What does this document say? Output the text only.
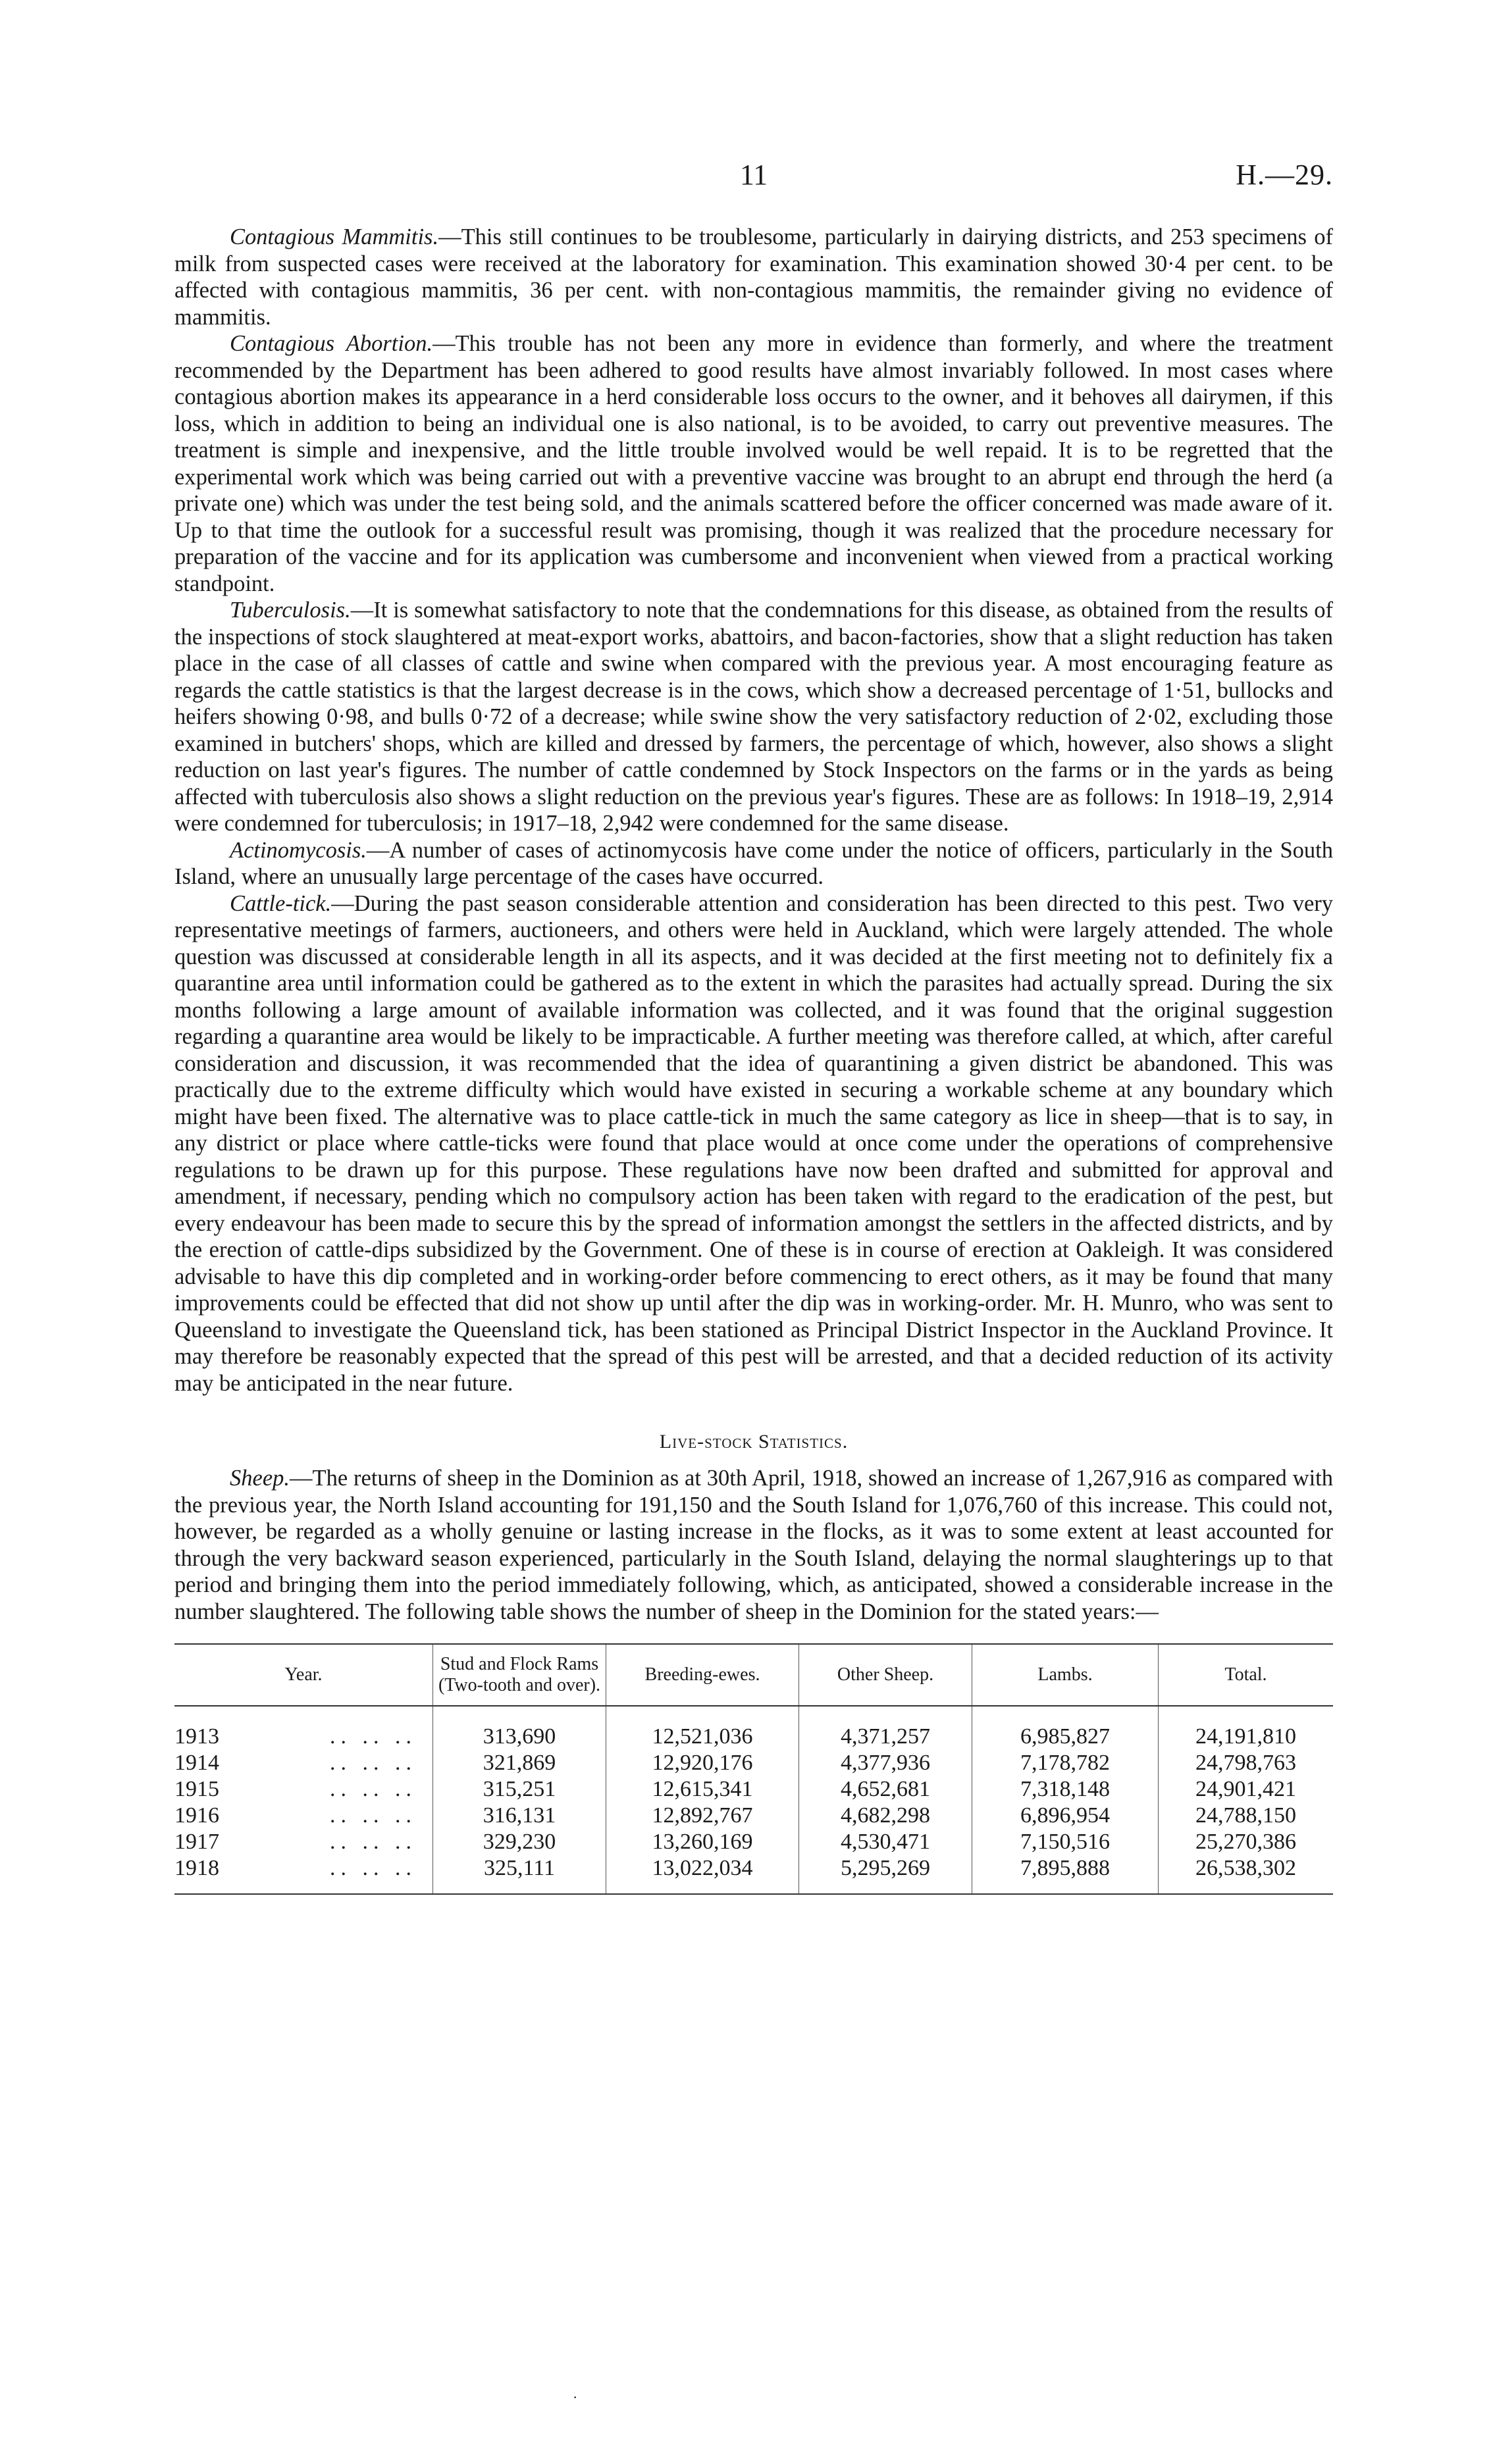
11	H.—29.

Contagious Mammitis.—This still continues to be troublesome, particularly in dairying districts, and 253 specimens of milk from suspected cases were received at the laboratory for examination. This examination showed 30·4 per cent. to be affected with contagious mammitis, 36 per cent. with non-contagious mammitis, the remainder giving no evidence of mammitis.

Contagious Abortion.—This trouble has not been any more in evidence than formerly, and where the treatment recommended by the Department has been adhered to good results have almost invariably followed. In most cases where contagious abortion makes its appearance in a herd considerable loss occurs to the owner, and it behoves all dairymen, if this loss, which in addition to being an individual one is also national, is to be avoided, to carry out preventive measures. The treatment is simple and inexpensive, and the little trouble involved would be well repaid. It is to be regretted that the experimental work which was being carried out with a preventive vaccine was brought to an abrupt end through the herd (a private one) which was under the test being sold, and the animals scattered before the officer concerned was made aware of it. Up to that time the outlook for a successful result was promising, though it was realized that the procedure necessary for preparation of the vaccine and for its application was cumbersome and inconvenient when viewed from a practical working standpoint.

Tuberculosis.—It is somewhat satisfactory to note that the condemnations for this disease, as obtained from the results of the inspections of stock slaughtered at meat-export works, abattoirs, and bacon-factories, show that a slight reduction has taken place in the case of all classes of cattle and swine when compared with the previous year. A most encouraging feature as regards the cattle statistics is that the largest decrease is in the cows, which show a decreased percentage of 1·51, bullocks and heifers showing 0·98, and bulls 0·72 of a decrease; while swine show the very satisfactory reduction of 2·02, excluding those examined in butchers' shops, which are killed and dressed by farmers, the percentage of which, however, also shows a slight reduction on last year's figures. The number of cattle condemned by Stock Inspectors on the farms or in the yards as being affected with tuberculosis also shows a slight reduction on the previous year's figures. These are as follows: In 1918–19, 2,914 were condemned for tuberculosis; in 1917–18, 2,942 were condemned for the same disease.

Actinomycosis.—A number of cases of actinomycosis have come under the notice of officers, particularly in the South Island, where an unusually large percentage of the cases have occurred.

Cattle-tick.—During the past season considerable attention and consideration has been directed to this pest. Two very representative meetings of farmers, auctioneers, and others were held in Auckland, which were largely attended. The whole question was discussed at considerable length in all its aspects, and it was decided at the first meeting not to definitely fix a quarantine area until information could be gathered as to the extent in which the parasites had actually spread. During the six months following a large amount of available information was collected, and it was found that the original suggestion regarding a quarantine area would be likely to be impracticable. A further meeting was therefore called, at which, after careful consideration and discussion, it was recommended that the idea of quarantining a given district be abandoned. This was practically due to the extreme difficulty which would have existed in securing a workable scheme at any boundary which might have been fixed. The alternative was to place cattle-tick in much the same category as lice in sheep—that is to say, in any district or place where cattle-ticks were found that place would at once come under the operations of comprehensive regulations to be drawn up for this purpose. These regulations have now been drafted and submitted for approval and amendment, if necessary, pending which no compulsory action has been taken with regard to the eradication of the pest, but every endeavour has been made to secure this by the spread of information amongst the settlers in the affected districts, and by the erection of cattle-dips subsidized by the Government. One of these is in course of erection at Oakleigh. It was considered advisable to have this dip completed and in working-order before commencing to erect others, as it may be found that many improvements could be effected that did not show up until after the dip was in working-order. Mr. H. Munro, who was sent to Queensland to investigate the Queensland tick, has been stationed as Principal District Inspector in the Auckland Province. It may therefore be reasonably expected that the spread of this pest will be arrested, and that a decided reduction of its activity may be anticipated in the near future.

Live-stock Statistics.

Sheep.—The returns of sheep in the Dominion as at 30th April, 1918, showed an increase of 1,267,916 as compared with the previous year, the North Island accounting for 191,150 and the South Island for 1,076,760 of this increase. This could not, however, be regarded as a wholly genuine or lasting increase in the flocks, as it was to some extent at least accounted for through the very backward season experienced, particularly in the South Island, delaying the normal slaughterings up to that period and bringing them into the period immediately following, which, as anticipated, showed a considerable increase in the number slaughtered. The following table shows the number of sheep in the Dominion for the stated years:—

Year.	Stud and Flock Rams (Two-tooth and over).	Breeding-ewes.	Other Sheep.	Lambs.	Total.

1913 .. .. ..	313,690	12,521,036	4,371,257	6,985,827	24,191,810

1914 .. .. ..	321,869	12,920,176	4,377,936	7,178,782	24,798,763

1915 .. .. ..	315,251	12,615,341	4,652,681	7,318,148	24,901,421

1916 .. .. ..	316,131	12,892,767	4,682,298	6,896,954	24,788,150

1917 .. .. ..	329,230	13,260,169	4,530,471	7,150,516	25,270,386

1918 .. .. ..	325,111	13,022,034	5,295,269	7,895,888	26,538,302
·
